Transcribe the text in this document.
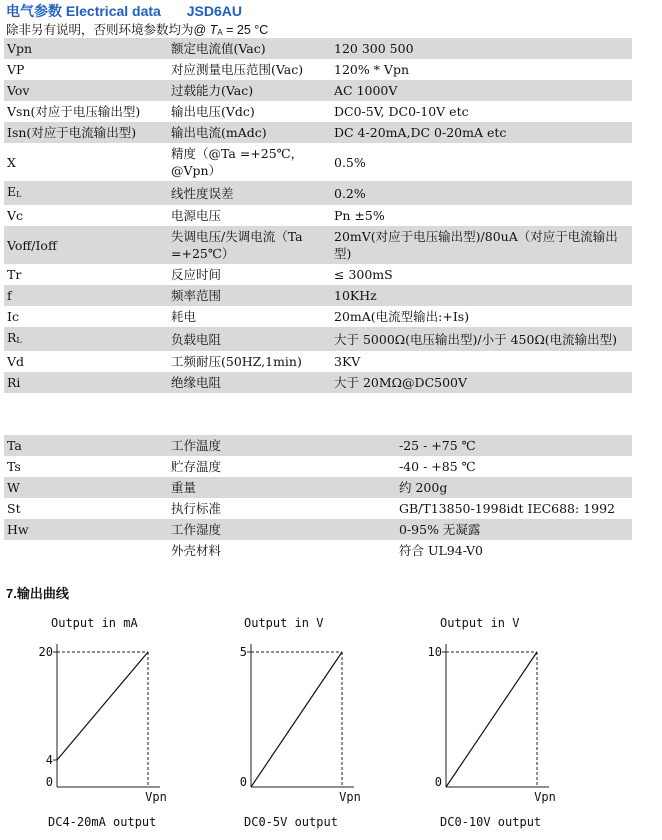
电气参数 Electrical data JSD6AU
除非另有说明，否则环境参数均为@ TA = 25 °C
Vpn	额定电流值(Vac)	120 300 500
VP	对应测量电压范围(Vac)	120% * Vpn
Vov	过载能力(Vac)	AC 1000V
Vsn(对应于电压输出型)	输出电压(Vdc)	DC0-5V, DC0-10V etc
Isn(对应于电流输出型)	输出电流(mAdc)	DC 4-20mA,DC 0-20mA etc
X	精度（@Ta =+25℃，@Vpn）	0.5%
EL	线性度误差	0.2%
Vc	电源电压	Pn ±5%
Voff/Ioff	失调电压/失调电流（Ta =+25℃）	20mV(对应于电压输出型)/80uA（对应于电流输出型)
Tr	反应时间	≤ 300mS
f	频率范围	10KHz
Ic	耗电	20mA(电流型输出:+Is)
RL	负载电阻	大于 5000Ω(电压输出型)/小于 450Ω(电流输出型)
Vd	工频耐压(50HZ,1min)	3KV
Ri	绝缘电阻	大于 20MΩ@DC500V
Ta	工作温度	-25 - +75 ℃
Ts	贮存温度	-40 - +85 ℃
W	重量	约 200g
St	执行标准	GB/T13850-1998idt IEC688: 1992
Hw	工作湿度	0-95% 无凝露
	外壳材料	符合 UL94-V0
7.输出曲线
Output in mA
0
4
20
Vpn
DC4-20mA output
Output in V
0
5
Vpn
DC0-5V output
Output in V
0
10
Vpn
DC0-10V output
